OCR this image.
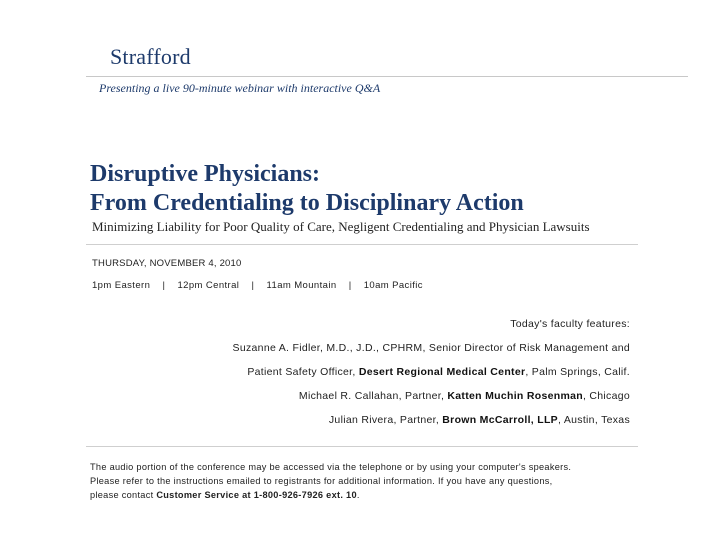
Strafford
Presenting a live 90-minute webinar with interactive Q&A
Disruptive Physicians:
From Credentialing to Disciplinary Action
Minimizing Liability for Poor Quality of Care, Negligent Credentialing and Physician Lawsuits
THURSDAY, NOVEMBER 4, 2010
1pm Eastern | 12pm Central | 11am Mountain | 10am Pacific
Today's faculty features:
Suzanne A. Fidler, M.D., J.D., CPHRM, Senior Director of Risk Management and
Patient Safety Officer, Desert Regional Medical Center, Palm Springs, Calif.
Michael R. Callahan, Partner, Katten Muchin Rosenman, Chicago
Julian Rivera, Partner, Brown McCarroll, LLP, Austin, Texas
The audio portion of the conference may be accessed via the telephone or by using your computer's speakers.
Please refer to the instructions emailed to registrants for additional information. If you have any questions,
please contact Customer Service at 1-800-926-7926 ext. 10.
